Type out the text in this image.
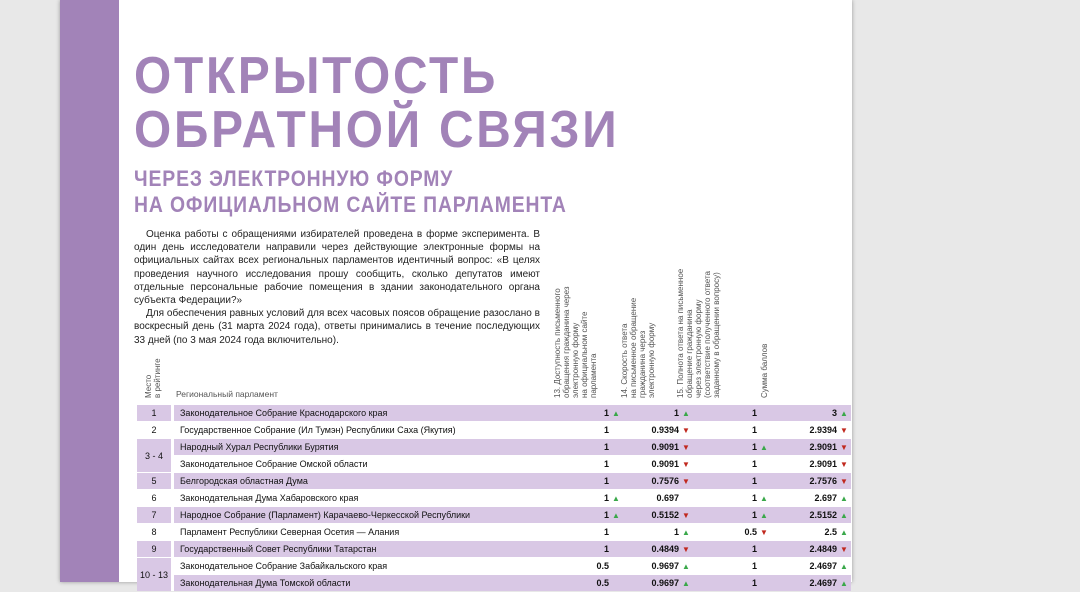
ОТКРЫТОСТЬ
ОБРАТНОЙ СВЯЗИ
ЧЕРЕЗ ЭЛЕКТРОННУЮ ФОРМУ
НА ОФИЦИАЛЬНОМ САЙТЕ ПАРЛАМЕНТА

Оценка работы с обращениями избирателей проведена в форме эксперимента. В один день исследователи направили через действующие электронные формы на официальных сайтах всех региональных парламентов идентичный вопрос: «В целях проведения научного исследования прошу сообщить, сколько депутатов имеют отдельные персональные рабочие помещения в здании законодательного органа субъекта Федерации?»

Для обеспечения равных условий для всех часовых поясов обращение разослано в воскресный день (31 марта 2024 года), ответы принимались в течение последующих 33 дней (по 3 мая 2024 года включительно).

Место
в рейтинге
Региональный парламент	13. Доступность письменного
обращения гражданина через
электронную форму
на официальном сайте
парламента	14. Скорость ответа
на письменное обращение
гражданина через
электронную форму
15. Полнота ответа на письменное
обращение гражданина
через электронную форму
(соответствие полученного ответа
заданному в обращении вопросу)
Сумма баллов
1		Законодательное Собрание Краснодарского края	1 ▲	1 ▲	1	3 ▲
2		Государственное Собрание (Ил Тумэн) Республики Саха (Якутия)	1	0.9394 ▼	1	2.9394 ▼
3 - 4		Народный Хурал Республики Бурятия	1	0.9091 ▼	1 ▲	2.9091 ▼
		Законодательное Собрание Омской области	1	0.9091 ▼	1	2.9091 ▼
5		Белгородская областная Дума	1	0.7576 ▼	1	2.7576 ▼
6		Законодательная Дума Хабаровского края	1 ▲	0.697	1 ▲	2.697 ▲
7		Народное Собрание (Парламент) Карачаево-Черкесской Республики	1 ▲	0.5152 ▼	1 ▲	2.5152 ▲
8		Парламент Республики Северная Осетия — Алания	1	1 ▲	0.5 ▼	2.5 ▲
9		Государственный Совет Республики Татарстан	1	0.4849 ▼	1	2.4849 ▼
10 - 13		Законодательное Собрание Забайкальского края	0.5	0.9697 ▲	1	2.4697 ▲
		Законодательная Дума Томской области	0.5	0.9697 ▲	1	2.4697 ▲
